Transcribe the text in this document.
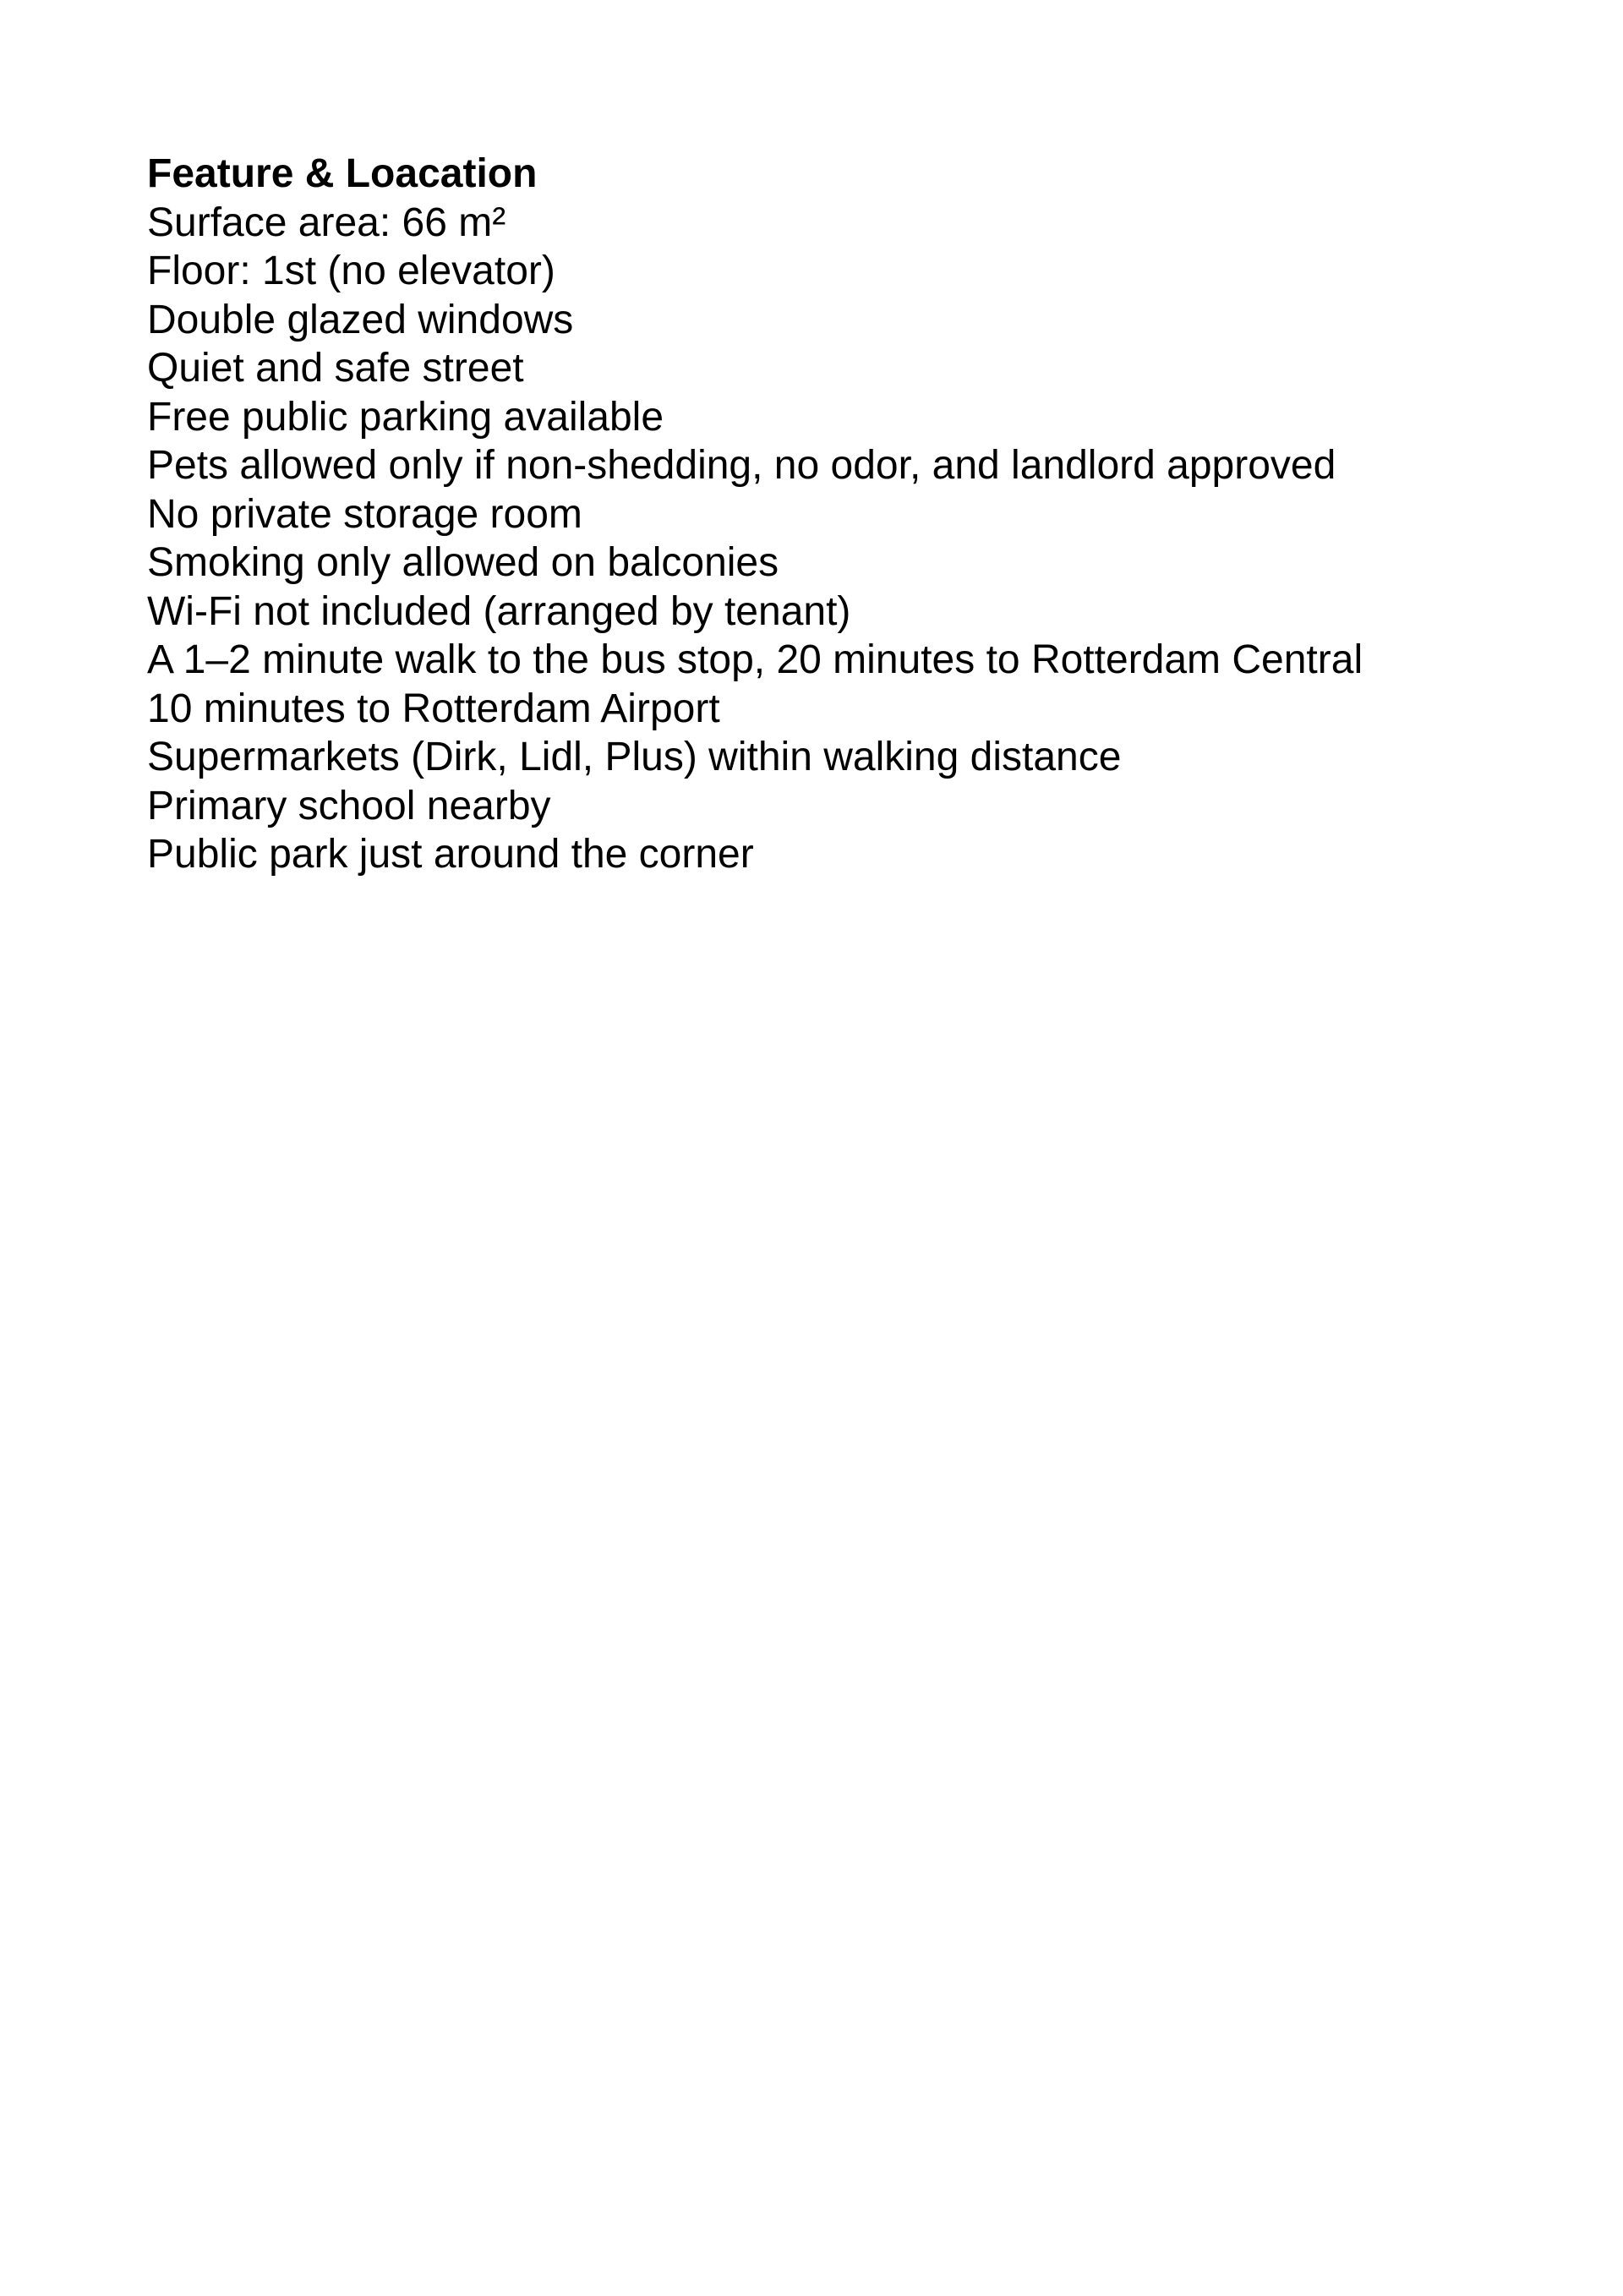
Feature & Loacation
Surface area: 66 m²
Floor: 1st (no elevator)
Double glazed windows
Quiet and safe street
Free public parking available
Pets allowed only if non-shedding, no odor, and landlord approved
No private storage room
Smoking only allowed on balconies
Wi-Fi not included (arranged by tenant)
A 1–2 minute walk to the bus stop, 20 minutes to Rotterdam Central
10 minutes to Rotterdam Airport
Supermarkets (Dirk, Lidl, Plus) within walking distance
Primary school nearby
Public park just around the corner
